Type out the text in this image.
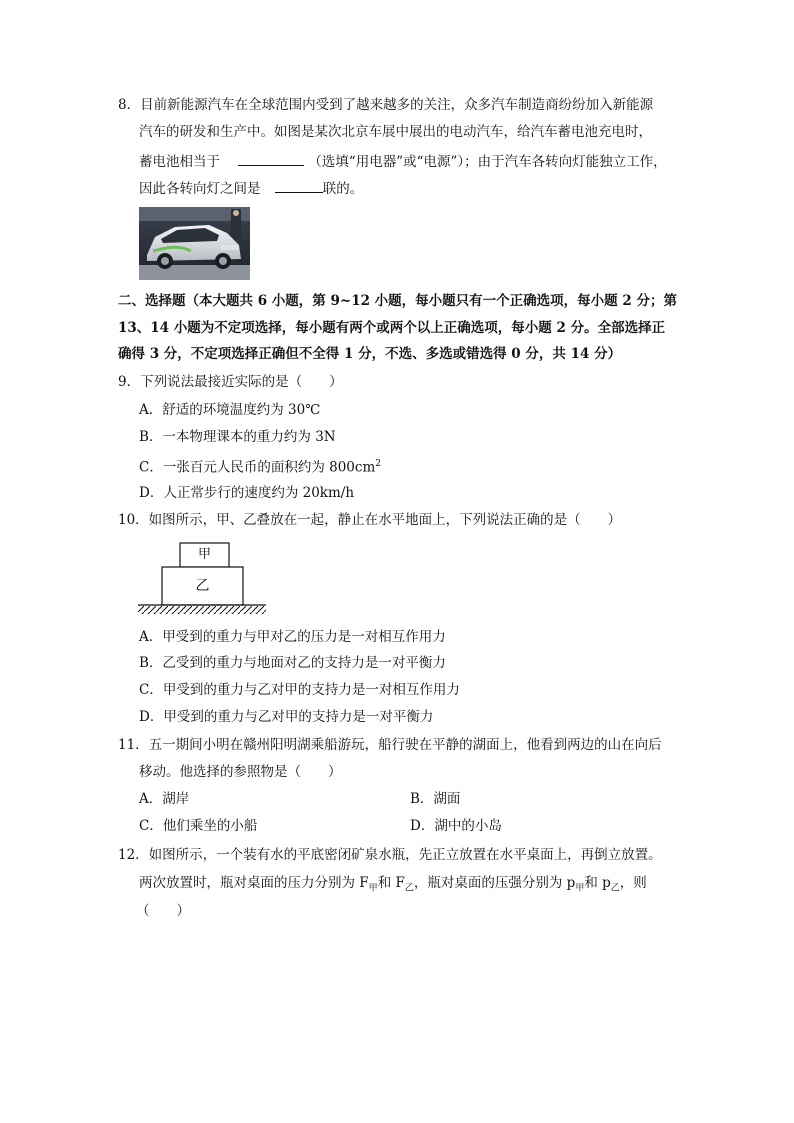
8．目前新能源汽车在全球范围内受到了越来越多的关注，众多汽车制造商纷纷加入新能源
汽车的研发和生产中。如图是某次北京车展中展出的电动汽车，给汽车蓄电池充电时，
蓄电池相当于	（选填“用电器”或“电源”）；由于汽车各转向灯能独立工作，
因此各转向灯之间是	联的。
二、选择题（本大题共 6 小题，第 9~12 小题，每小题只有一个正确选项，每小题 2 分；第
13、14 小题为不定项选择，每小题有两个或两个以上正确选项，每小题 2 分。全部选择正
确得 3 分，不定项选择正确但不全得 1 分，不选、多选或错选得 0 分，共 14 分）
9．下列说法最接近实际的是（　　）
A．舒适的环境温度约为 30℃
B．一本物理课本的重力约为 3N
C．一张百元人民币的面积约为 $800cm^2$
D．人正常步行的速度约为 20km/h
10．如图所示，甲、乙叠放在一起，静止在水平地面上，下列说法正确的是（　　）
甲
乙
A．甲受到的重力与甲对乙的压力是一对相互作用力
B．乙受到的重力与地面对乙的支持力是一对平衡力
C．甲受到的重力与乙对甲的支持力是一对相互作用力
D．甲受到的重力与乙对甲的支持力是一对平衡力
11．五一期间小明在赣州阳明湖乘船游玩，船行驶在平静的湖面上，他看到两边的山在向后
移动。他选择的参照物是（　　）
A．湖岸	B．湖面
C．他们乘坐的小船	D．湖中的小岛
12．如图所示，一个装有水的平底密闭矿泉水瓶，先正立放置在水平桌面上，再倒立放置。
两次放置时，瓶对桌面的压力分别为 $F_甲$和 $F_乙$，瓶对桌面的压强分别为 $p_甲$和 $p_乙$，则
（　　）
